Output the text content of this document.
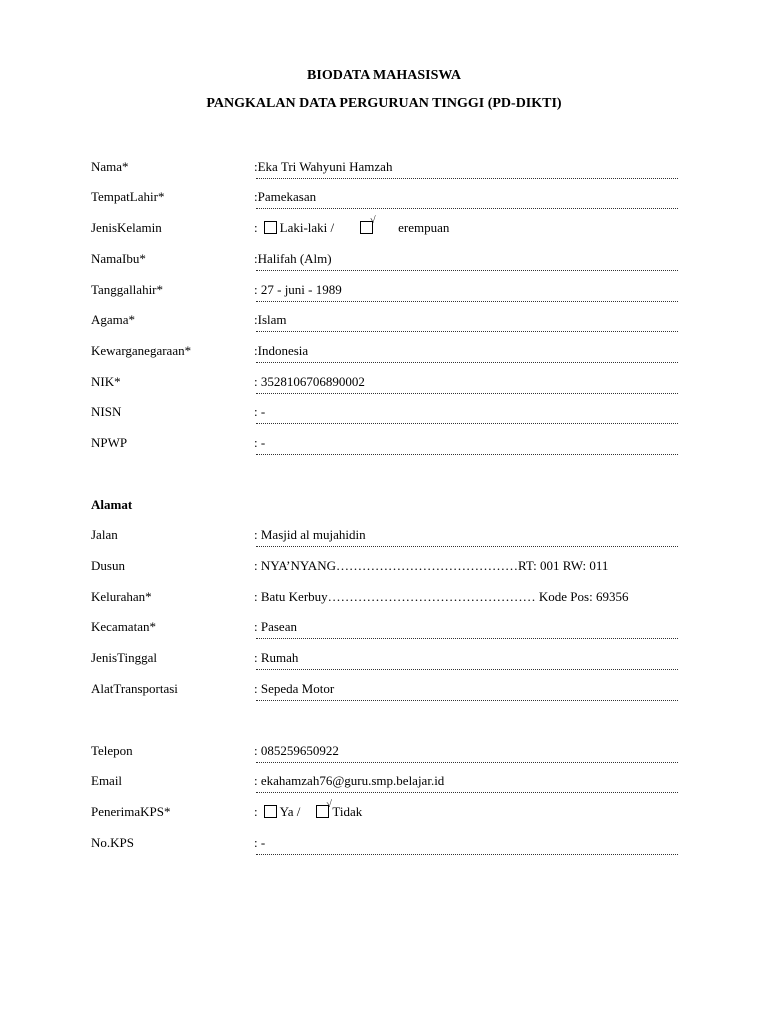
BIODATA MAHASISWA
PANGKALAN DATA PERGURUAN TINGGI (PD-DIKTI)
Nama*	:Eka Tri Wahyuni Hamzah
TempatLahir*	:Pamekasan
JenisKelamin	: Laki-laki /	√ erempuan
NamaIbu*	:Halifah (Alm)
Tanggallahir*	: 27 - juni - 1989
Agama*	:Islam
Kewarganegaraan*	:Indonesia
NIK*	: 3528106706890002
NISN	: -
NPWP	: -
Alamat
Jalan	: Masjid al mujahidin
Dusun	: NYA’NYANG……………………………………RT: 001 RW: 011
Kelurahan*	: Batu Kerbuy………………………………………… Kode Pos: 69356
Kecamatan*	: Pasean
JenisTinggal	: Rumah
AlatTransportasi	: Sepeda Motor
Telepon	: 085259650922
Email	: ekahamzah76@guru.smp.belajar.id
PenerimaKPS*	: Ya /	√ Tidak
No.KPS	: -
